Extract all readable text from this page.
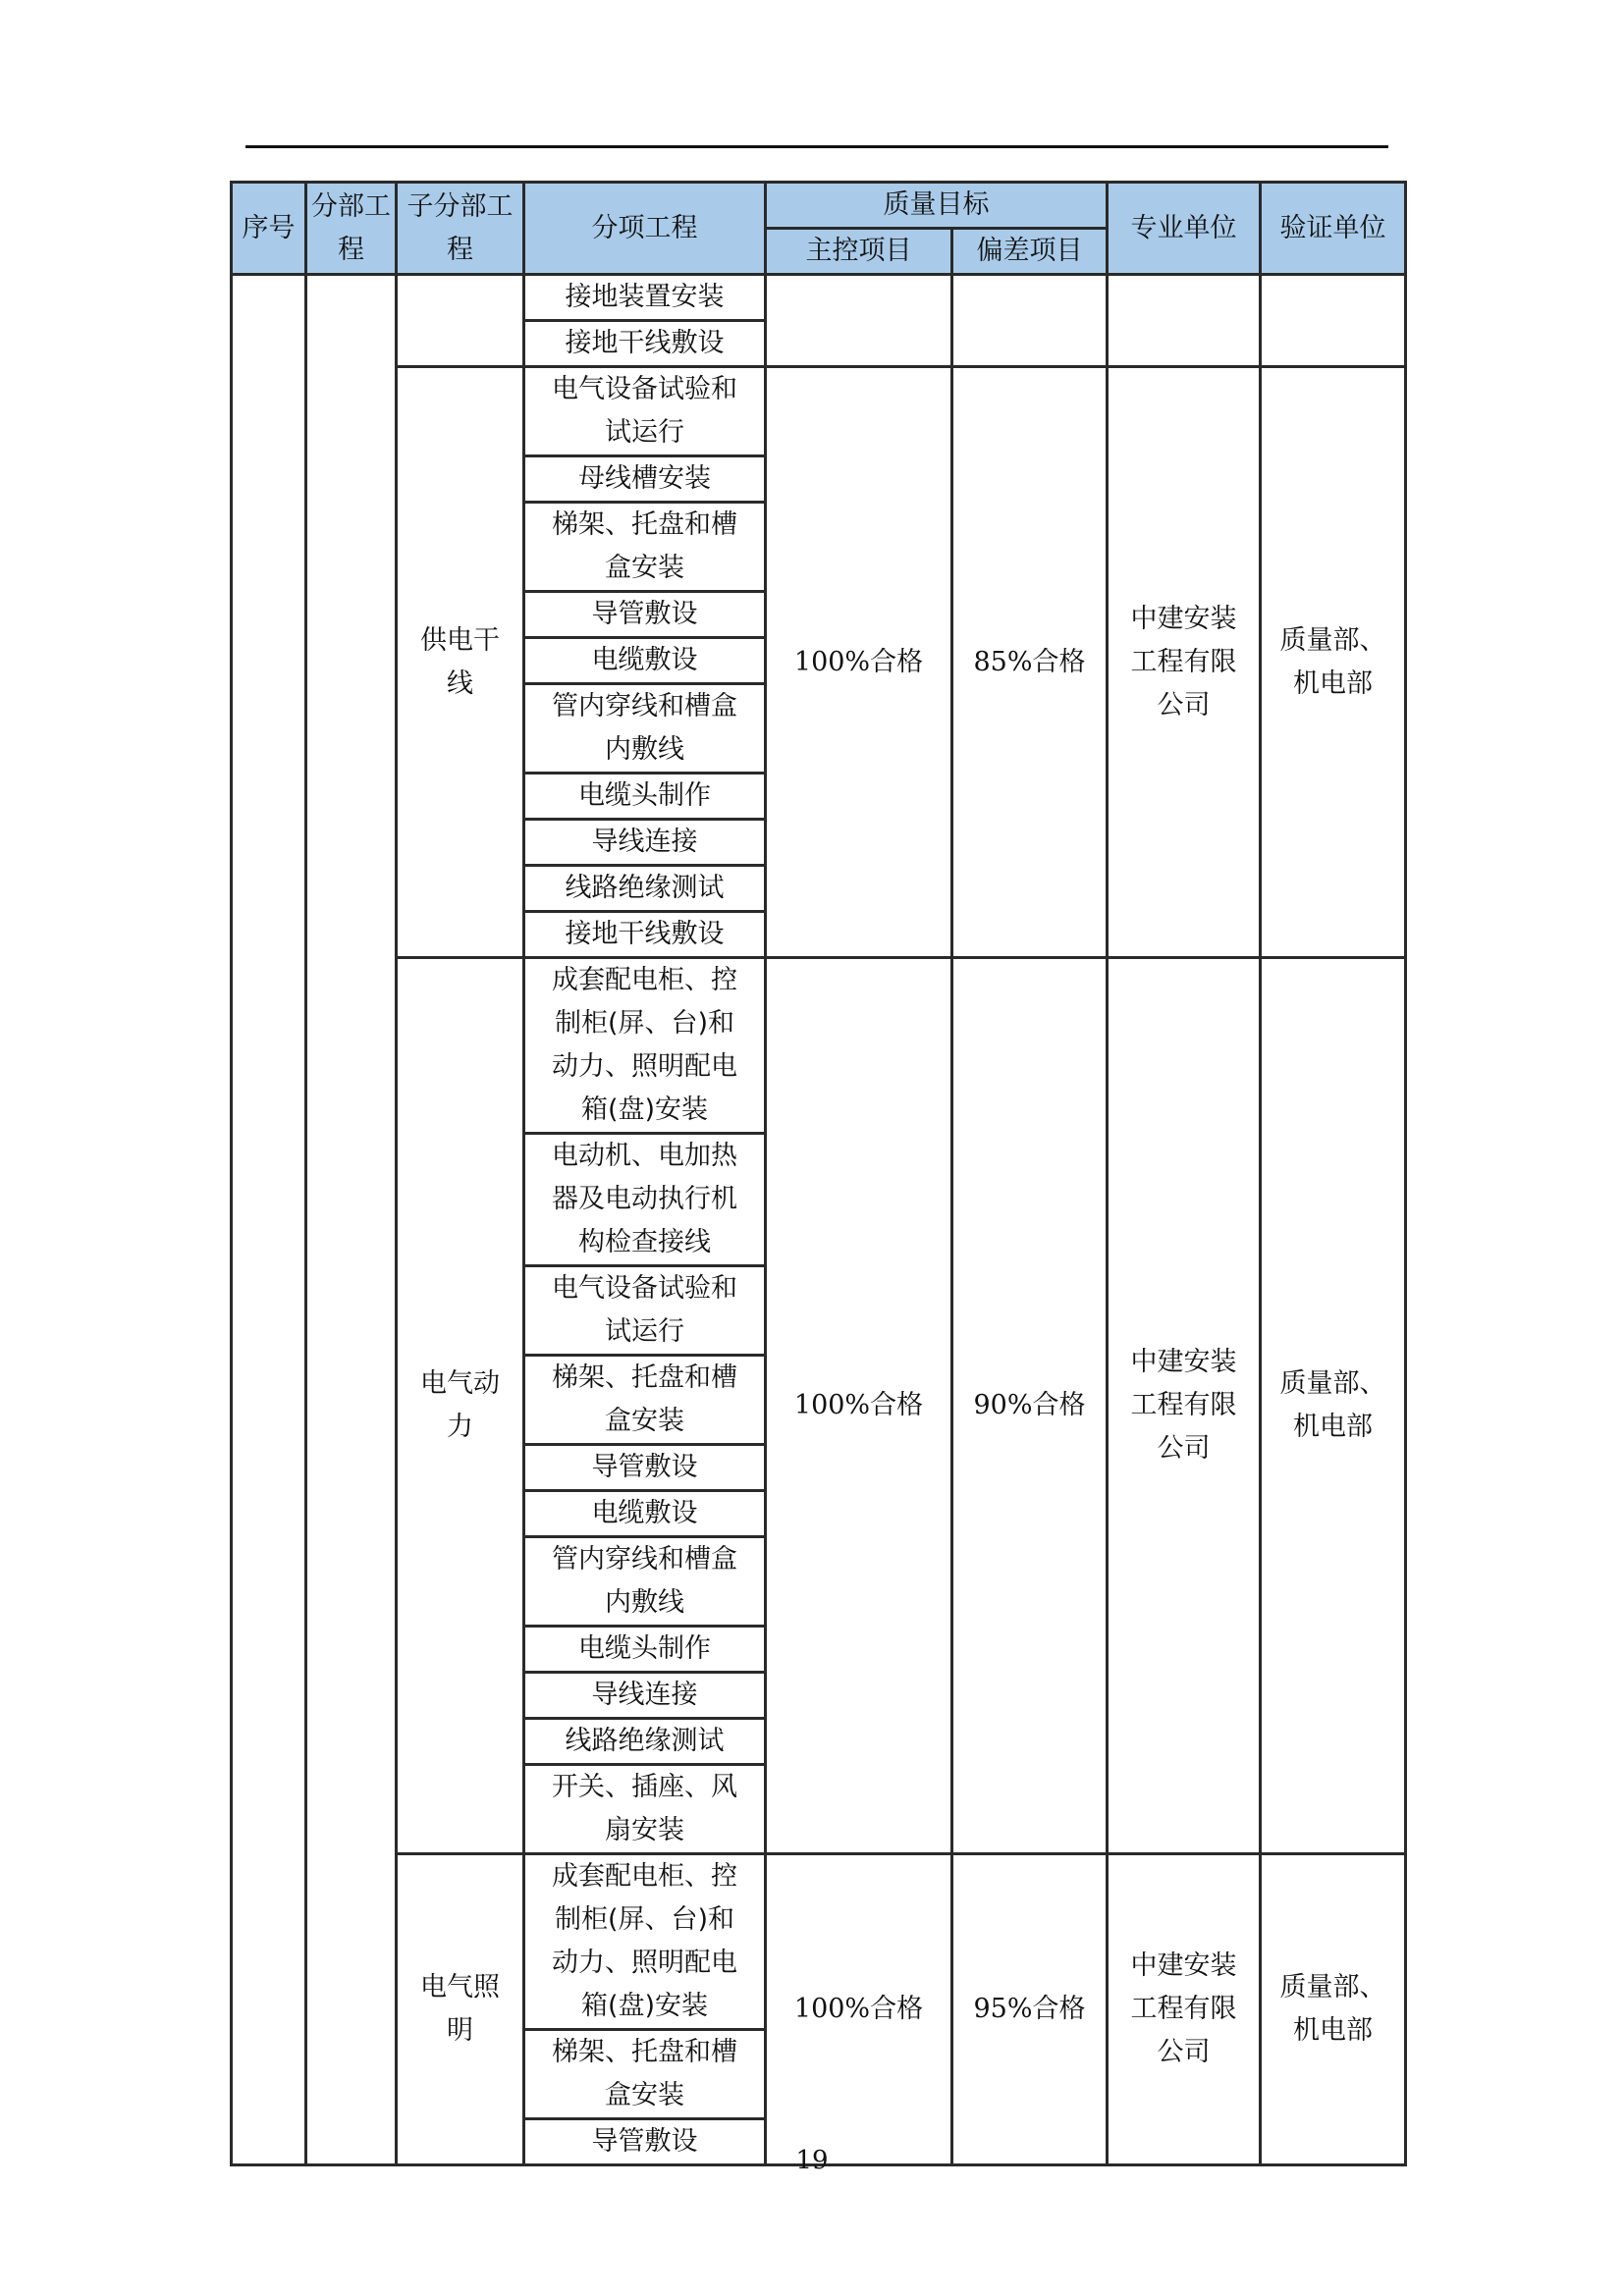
序号	分部工程	子分部工程	分项工程	质量目标		专业单位	验证单位
				主控项目	偏差项目		
			接地装置安装				
			接地干线敷设				

		供电干线	电气设备试验和试运行	100%合格	85%合格	中建安装工程有限公司	质量部、机电部

			母线槽安装				

			梯架、托盘和槽盒安装				

			导管敷设				

			电缆敷设				

			管内穿线和槽盒内敷线				

			电缆头制作				

			导线连接				

			线路绝缘测试				

			接地干线敷设				

		电气动力	成套配电柜、控制柜(屏、台)和动力、照明配电箱(盘)安装	100%合格	90%合格	中建安装工程有限公司	质量部、机电部

			电动机、电加热器及电动执行机构检查接线				

			电气设备试验和试运行				

			梯架、托盘和槽盒安装				

			导管敷设				

			电缆敷设				

			管内穿线和槽盒内敷线				

			电缆头制作				

			导线连接				

			线路绝缘测试				

			开关、插座、风扇安装				

		电气照明	成套配电柜、控制柜(屏、台)和动力、照明配电箱(盘)安装	100%合格	95%合格	中建安装工程有限公司	质量部、机电部

			梯架、托盘和槽盒安装				

			导管敷设				
19
